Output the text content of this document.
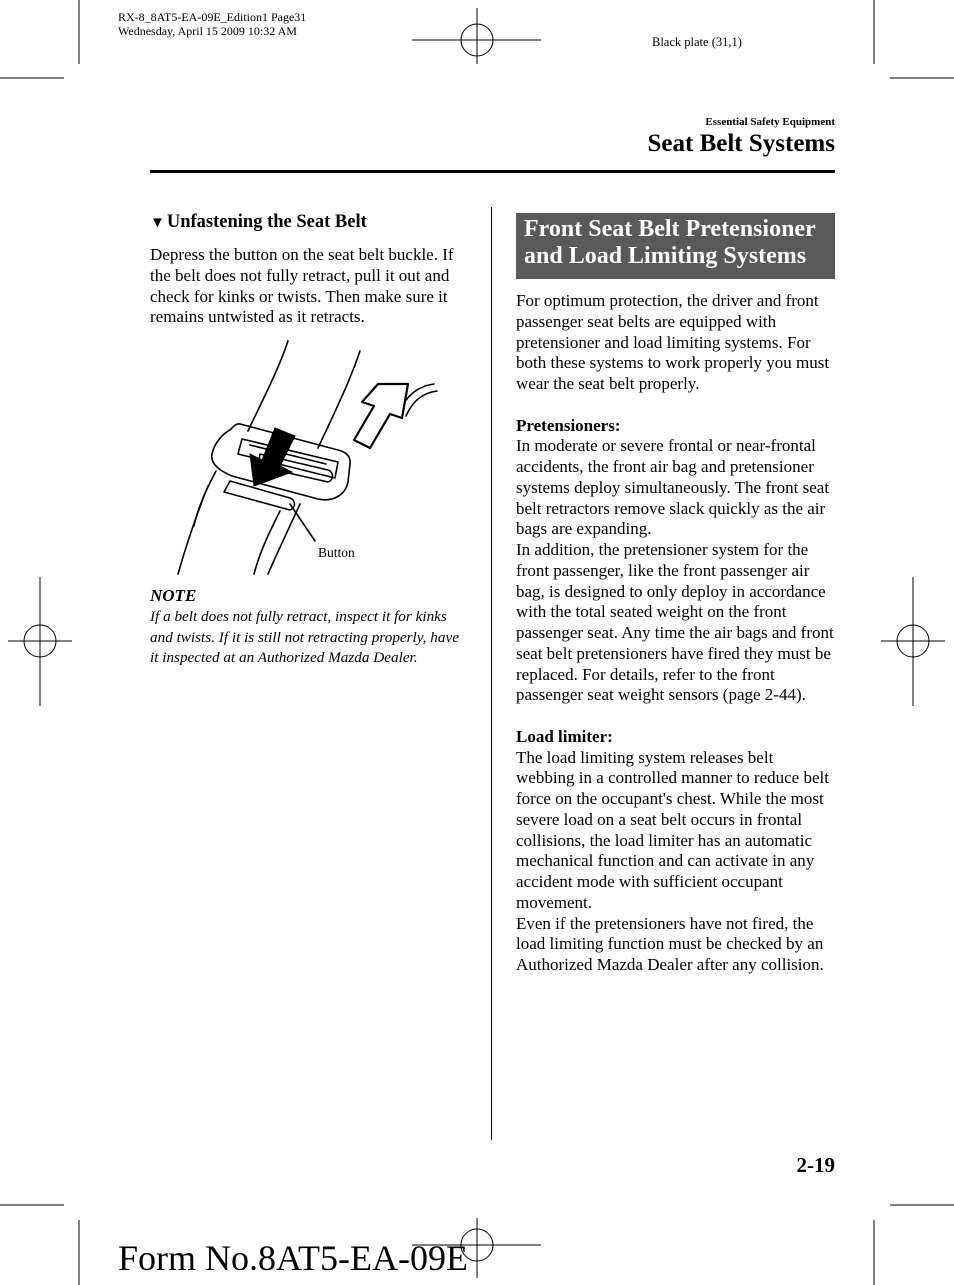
RX-8_8AT5-EA-09E_Edition1 Page31
Wednesday, April 15 2009 10:32 AM
Black plate (31,1)
Essential Safety Equipment
Seat Belt Systems
▼ Unfastening the Seat Belt

Depress the button on the seat belt buckle. If the belt does not fully retract, pull it out and check for kinks or twists. Then make sure it remains untwisted as it retracts.

Button
NOTE

If a belt does not fully retract, inspect it for kinks and twists. If it is still not retracting properly, have it inspected at an Authorized Mazda Dealer.

Front Seat Belt Pretensioner
and Load Limiting Systems

For optimum protection, the driver and front passenger seat belts are equipped with pretensioner and load limiting systems. For both these systems to work properly you must wear the seat belt properly.

Pretensioners:

In moderate or severe frontal or near-frontal accidents, the front air bag and pretensioner systems deploy simultaneously. The front seat belt retractors remove slack quickly as the air bags are expanding.

In addition, the pretensioner system for the front passenger, like the front passenger air bag, is designed to only deploy in accordance with the total seated weight on the front passenger seat. Any time the air bags and front seat belt pretensioners have fired they must be replaced. For details, refer to the front passenger seat weight sensors (page 2-44).

Load limiter:

The load limiting system releases belt webbing in a controlled manner to reduce belt force on the occupant's chest. While the most severe load on a seat belt occurs in frontal collisions, the load limiter has an automatic mechanical function and can activate in any accident mode with sufficient occupant movement.

Even if the pretensioners have not fired, the load limiting function must be checked by an Authorized Mazda Dealer after any collision.

2-19
Form No.8AT5-EA-09E
